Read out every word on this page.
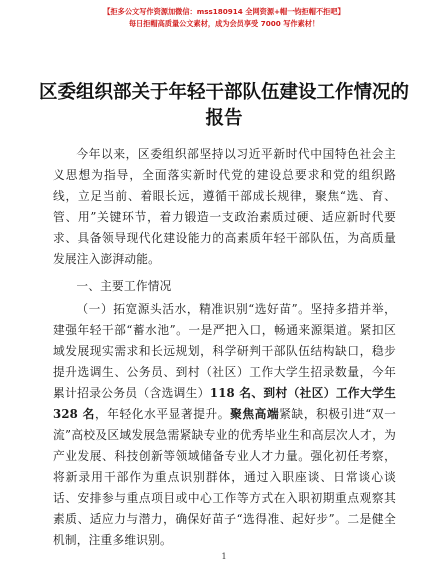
【拒多公文写作资源加微信：mss180914 全网资源+帽一钧拒帽不拒吧】
每日拒帽高质量公文素材，成为会员享受 7000 写作素材！
区委组织部关于年轻干部队伍建设工作情况的
报告

今年以来，区委组织部坚持以习近平新时代中国特色社会主义思想为指导，全面落实新时代党的建设总要求和党的组织路线，立足当前、着眼长远，遵循干部成长规律，聚焦“选、育、管、用”关键环节，着力锻造一支政治素质过硬、适应新时代要求、具备领导现代化建设能力的高素质年轻干部队伍，为高质量发展注入澎湃动能。

一、主要工作情况

（一）拓宽源头活水，精准识别“选好苗”。坚持多措并举，建强年轻干部“蓄水池”。一是严把入口，畅通来源渠道。紧扣区域发展现实需求和长远规划，科学研判干部队伍结构缺口，稳步提升选调生、公务员、到村（社区）工作大学生招录数量，今年累计招录公务员（含选调生）118 名、到村（社区）工作大学生 328 名，年轻化水平显著提升。聚焦高端紧缺，积极引进“双一流”高校及区域发展急需紧缺专业的优秀毕业生和高层次人才，为产业发展、科技创新等领域储备专业人才力量。强化初任考察，将新录用干部作为重点识别群体，通过入职座谈、日常谈心谈话、安排参与重点项目或中心工作等方式在入职初期重点观察其素质、适应力与潜力，确保好苗子“选得准、起好步”。二是健全机制，注重多维识别。

1
